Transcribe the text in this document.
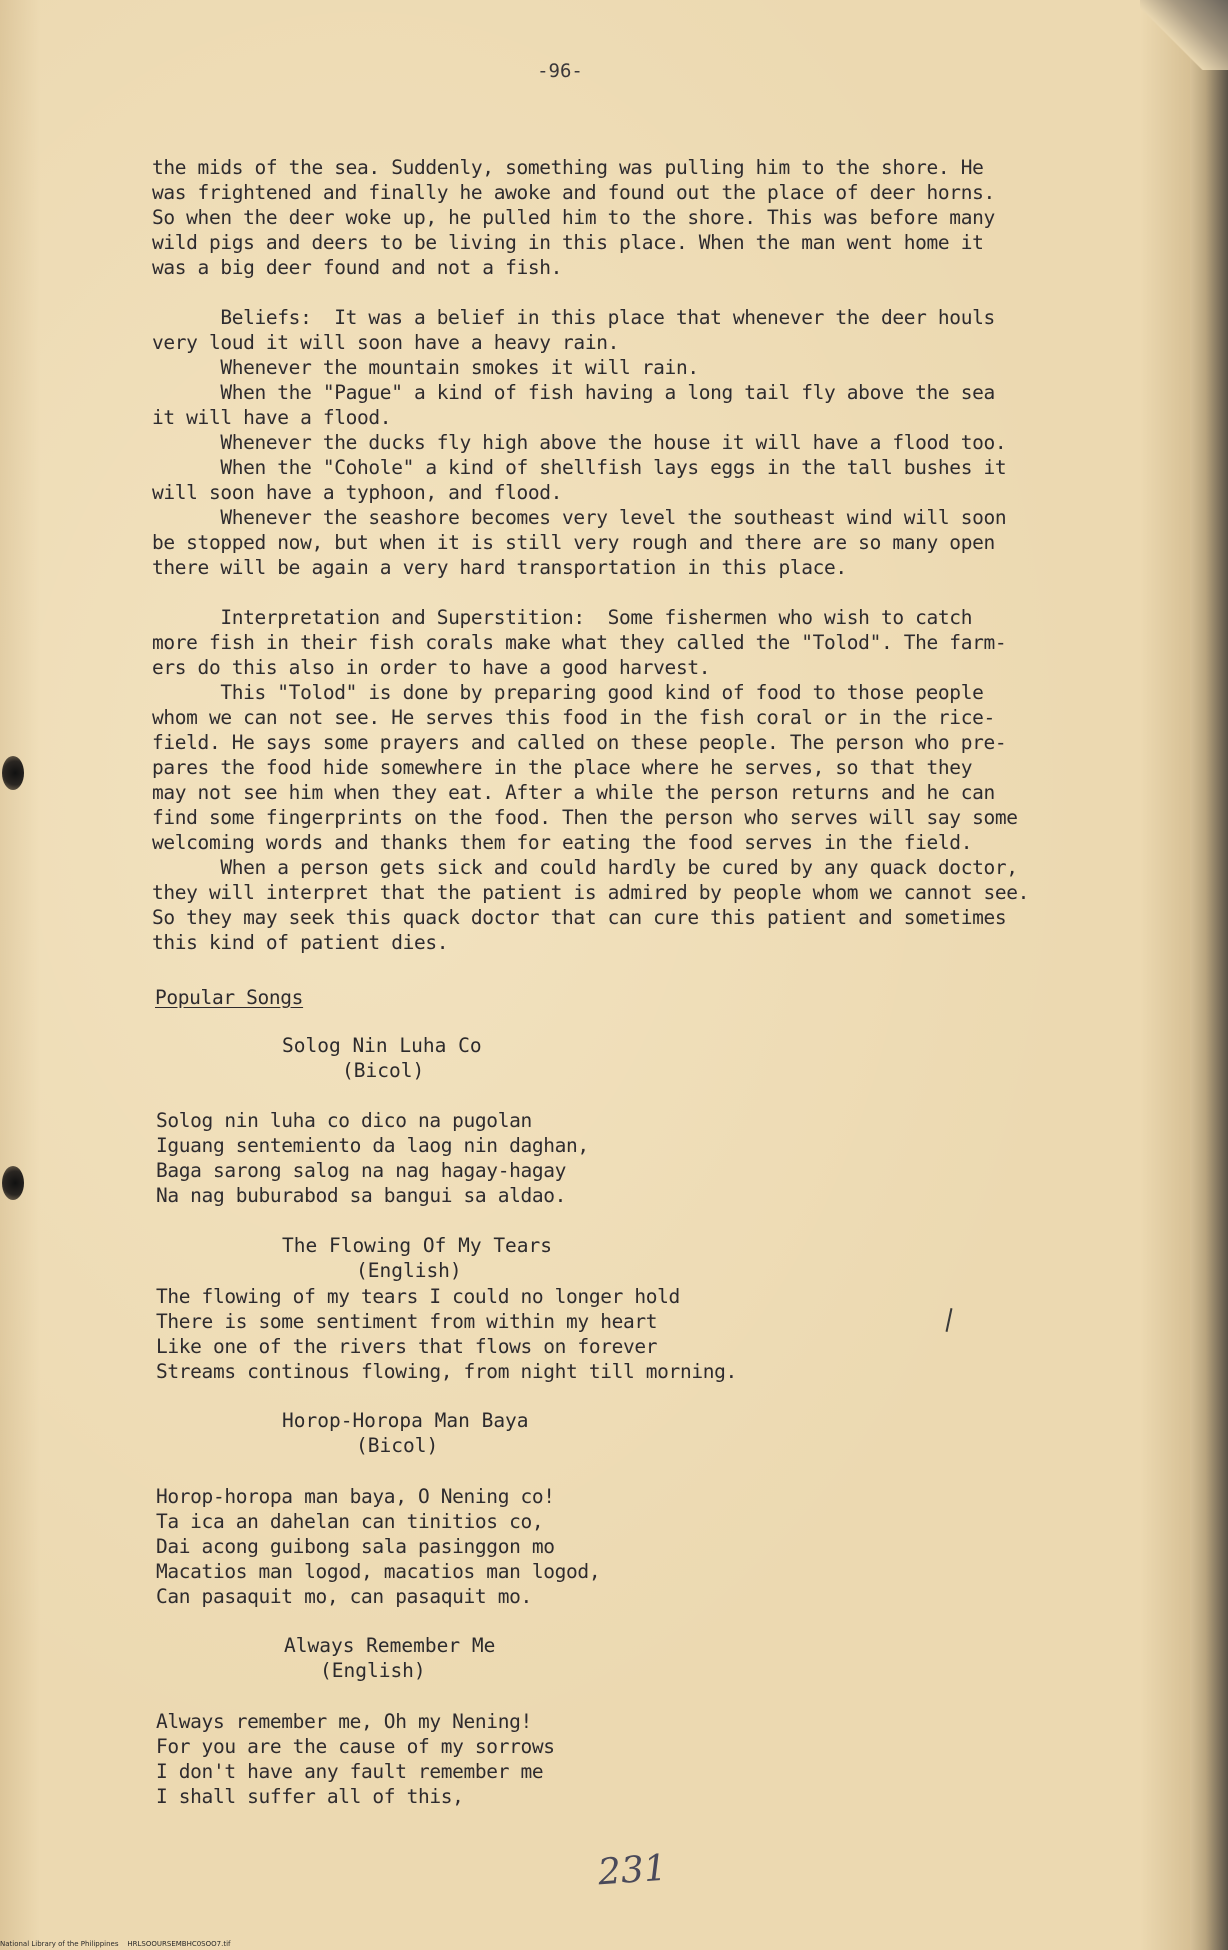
-96-
the mids of the sea. Suddenly, something was pulling him to the shore. He
was frightened and finally he awoke and found out the place of deer horns.
So when the deer woke up, he pulled him to the shore. This was before many
wild pigs and deers to be living in this place. When the man went home it
was a big deer found and not a fish.
Beliefs:  It was a belief in this place that whenever the deer houls
very loud it will soon have a heavy rain.
Whenever the mountain smokes it will rain.
When the "Pague" a kind of fish having a long tail fly above the sea
it will have a flood.
Whenever the ducks fly high above the house it will have a flood too.
When the "Cohole" a kind of shellfish lays eggs in the tall bushes it
will soon have a typhoon, and flood.
Whenever the seashore becomes very level the southeast wind will soon
be stopped now, but when it is still very rough and there are so many open
there will be again a very hard transportation in this place.
Interpretation and Superstition:  Some fishermen who wish to catch
more fish in their fish corals make what they called the "Tolod". The farm-
ers do this also in order to have a good harvest.
This "Tolod" is done by preparing good kind of food to those people
whom we can not see. He serves this food in the fish coral or in the rice-
field. He says some prayers and called on these people. The person who pre-
pares the food hide somewhere in the place where he serves, so that they
may not see him when they eat. After a while the person returns and he can
find some fingerprints on the food. Then the person who serves will say some
welcoming words and thanks them for eating the food serves in the field.
When a person gets sick and could hardly be cured by any quack doctor,
they will interpret that the patient is admired by people whom we cannot see.
So they may seek this quack doctor that can cure this patient and sometimes
this kind of patient dies.
Popular Songs
Solog Nin Luha Co
(Bicol)
Solog nin luha co dico na pugolan
Iguang sentemiento da laog nin daghan,
Baga sarong salog na nag hagay-hagay
Na nag buburabod sa bangui sa aldao.
The Flowing Of My Tears
(English)
The flowing of my tears I could no longer hold
There is some sentiment from within my heart
Like one of the rivers that flows on forever
Streams continous flowing, from night till morning.
Horop-Horopa Man Baya
(Bicol)
Horop-horopa man baya, O Nening co!
Ta ica an dahelan can tinitios co,
Dai acong guibong sala pasinggon mo
Macatios man logod, macatios man logod,
Can pasaquit mo, can pasaquit mo.
Always Remember Me
(English)
Always remember me, Oh my Nening!
For you are the cause of my sorrows
I don't have any fault remember me
I shall suffer all of this,
231
National Library of the Philippines    HRLSOOURSEMBHC0SOO7.tif
